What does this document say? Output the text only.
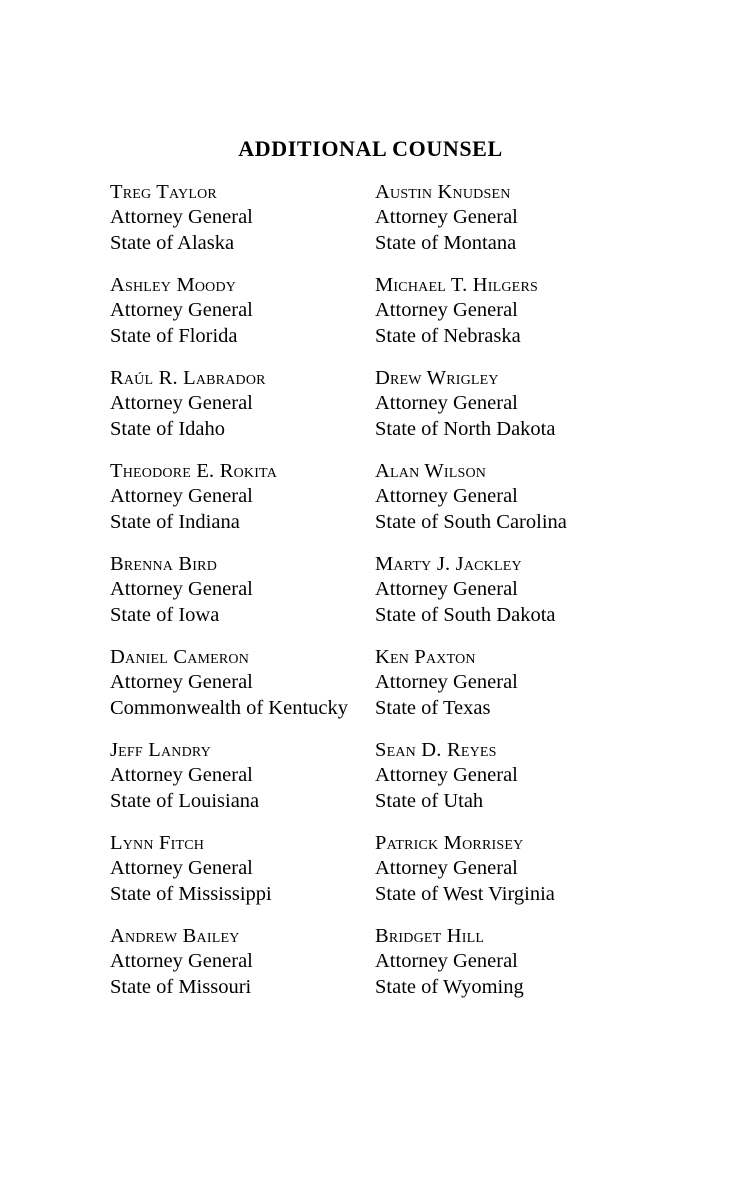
ADDITIONAL COUNSEL
Treg Taylor
Attorney General
State of Alaska
Ashley Moody
Attorney General
State of Florida
Raúl R. Labrador
Attorney General
State of Idaho
Theodore E. Rokita
Attorney General
State of Indiana
Brenna Bird
Attorney General
State of Iowa
Daniel Cameron
Attorney General
Commonwealth of Kentucky
Jeff Landry
Attorney General
State of Louisiana
Lynn Fitch
Attorney General
State of Mississippi
Andrew Bailey
Attorney General
State of Missouri
Austin Knudsen
Attorney General
State of Montana
Michael T. Hilgers
Attorney General
State of Nebraska
Drew Wrigley
Attorney General
State of North Dakota
Alan Wilson
Attorney General
State of South Carolina
Marty J. Jackley
Attorney General
State of South Dakota
Ken Paxton
Attorney General
State of Texas
Sean D. Reyes
Attorney General
State of Utah
Patrick Morrisey
Attorney General
State of West Virginia
Bridget Hill
Attorney General
State of Wyoming
